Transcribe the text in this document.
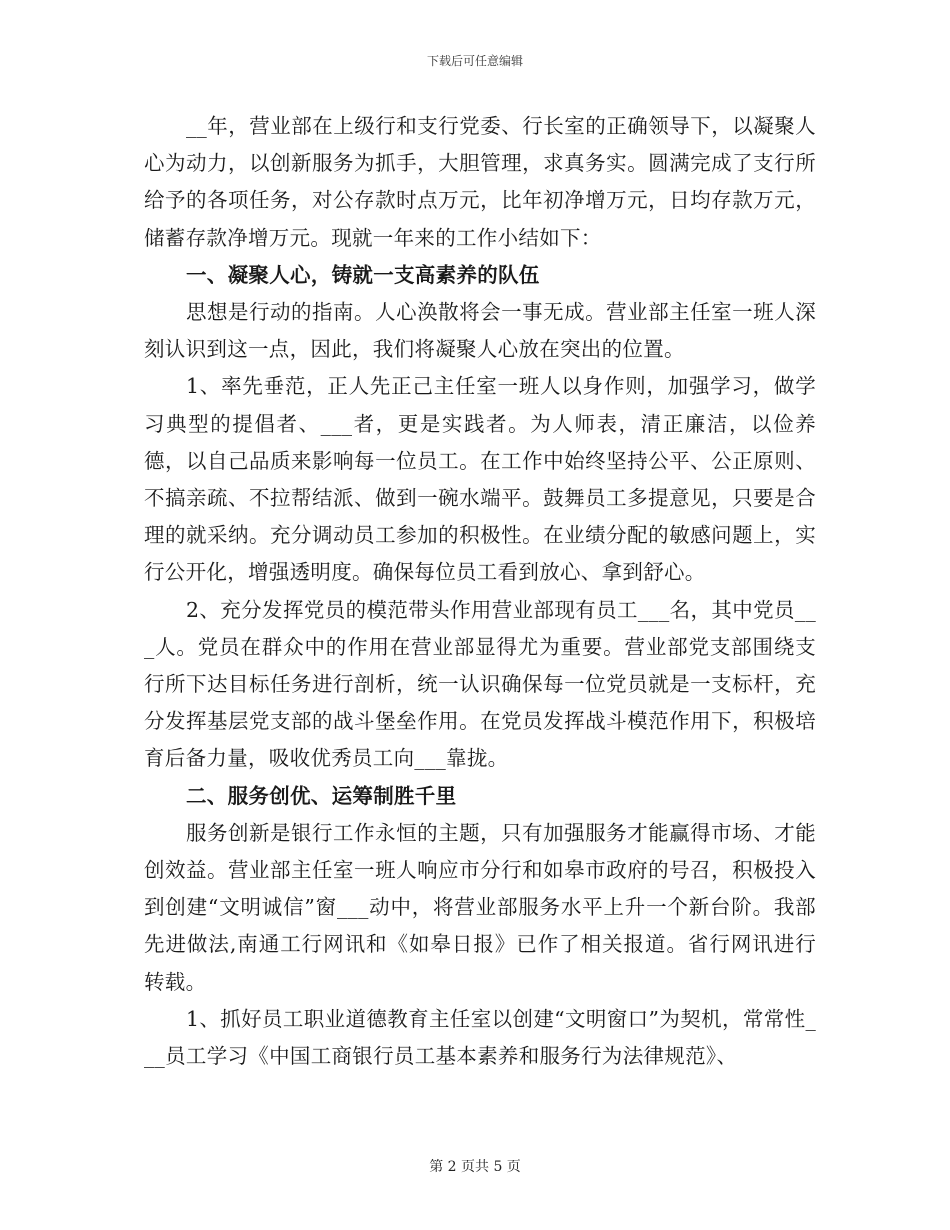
下载后可任意编辑

__年，营业部在上级行和支行党委、行长室的正确领导下，以凝聚人心为动力，以创新服务为抓手，大胆管理，求真务实。圆满完成了支行所给予的各项任务，对公存款时点万元，比年初净增万元，日均存款万元，储蓄存款净增万元。现就一年来的工作小结如下：

一、凝聚人心，铸就一支高素养的队伍

思想是行动的指南。人心涣散将会一事无成。营业部主任室一班人深刻认识到这一点，因此，我们将凝聚人心放在突出的位置。

1、率先垂范，正人先正己主任室一班人以身作则，加强学习，做学习典型的提倡者、___者，更是实践者。为人师表，清正廉洁，以俭养德，以自己品质来影响每一位员工。在工作中始终坚持公平、公正原则、不搞亲疏、不拉帮结派、做到一碗水端平。鼓舞员工多提意见，只要是合理的就采纳。充分调动员工参加的积极性。在业绩分配的敏感问题上，实行公开化，增强透明度。确保每位员工看到放心、拿到舒心。

2、充分发挥党员的模范带头作用营业部现有员工___名，其中党员___人。党员在群众中的作用在营业部显得尤为重要。营业部党支部围绕支行所下达目标任务进行剖析，统一认识确保每一位党员就是一支标杆，充分发挥基层党支部的战斗堡垒作用。在党员发挥战斗模范作用下，积极培育后备力量，吸收优秀员工向___靠拢。

二、服务创优、运筹制胜千里

服务创新是银行工作永恒的主题，只有加强服务才能赢得市场、才能创效益。营业部主任室一班人响应市分行和如皋市政府的号召，积极投入到创建“文明诚信”窗___动中，将营业部服务水平上升一个新台阶。我部先进做法,南通工行网讯和《如皋日报》已作了相关报道。省行网讯进行转载。

1、抓好员工职业道德教育主任室以创建“文明窗口”为契机，常常性___员工学习《中国工商银行员工基本素养和服务行为法律规范》、

第 2 页共 5 页
